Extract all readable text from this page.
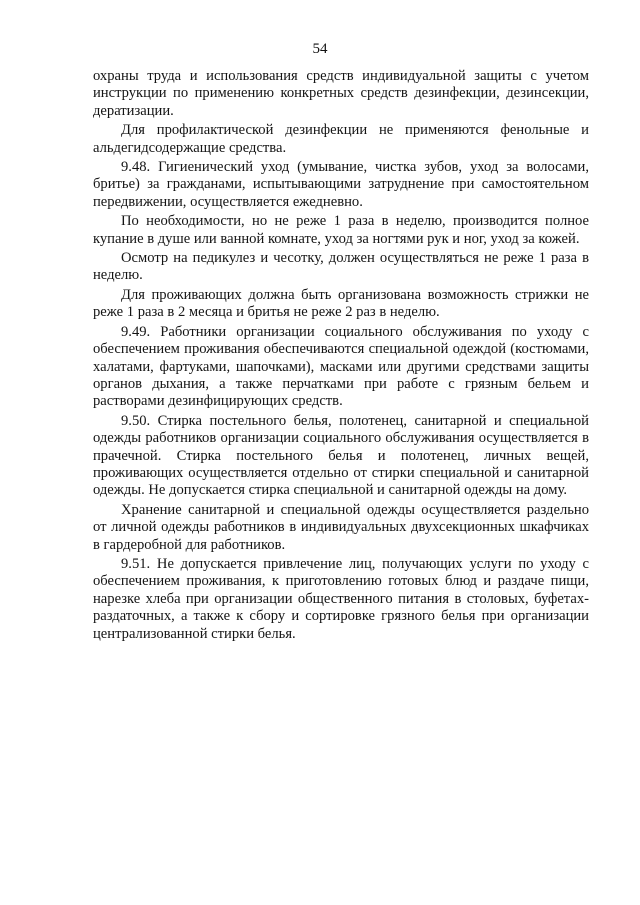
54

охраны труда и использования средств индивидуальной защиты с учетом инструкции по применению конкретных средств дезинфекции, дезинсекции, дератизации.

Для профилактической дезинфекции не применяются фенольные и альдегидсодержащие средства.

9.48. Гигиенический уход (умывание, чистка зубов, уход за волосами, бритье) за гражданами, испытывающими затруднение при самостоятельном передвижении, осуществляется ежедневно.

По необходимости, но не реже 1 раза в неделю, производится полное купание в душе или ванной комнате, уход за ногтями рук и ног, уход за кожей.

Осмотр на педикулез и чесотку, должен осуществляться не реже 1 раза в неделю.

Для проживающих должна быть организована возможность стрижки не реже 1 раза в 2 месяца и бритья не реже 2 раз в неделю.

9.49. Работники организации социального обслуживания по уходу с обеспечением проживания обеспечиваются специальной одеждой (костюмами, халатами, фартуками, шапочками), масками или другими средствами защиты органов дыхания, а также перчатками при работе с грязным бельем и растворами дезинфицирующих средств.

9.50. Стирка постельного белья, полотенец, санитарной и специальной одежды работников организации социального обслуживания осуществляется в прачечной. Стирка постельного белья и полотенец, личных вещей, проживающих осуществляется отдельно от стирки специальной и санитарной одежды. Не допускается стирка специальной и санитарной одежды на дому.

Хранение санитарной и специальной одежды осуществляется раздельно от личной одежды работников в индивидуальных двухсекционных шкафчиках в гардеробной для работников.

9.51. Не допускается привлечение лиц, получающих услуги по уходу с обеспечением проживания, к приготовлению готовых блюд и раздаче пищи, нарезке хлеба при организации общественного питания в столовых, буфетах-раздаточных, а также к сбору и сортировке грязного белья при организации централизованной стирки белья.
